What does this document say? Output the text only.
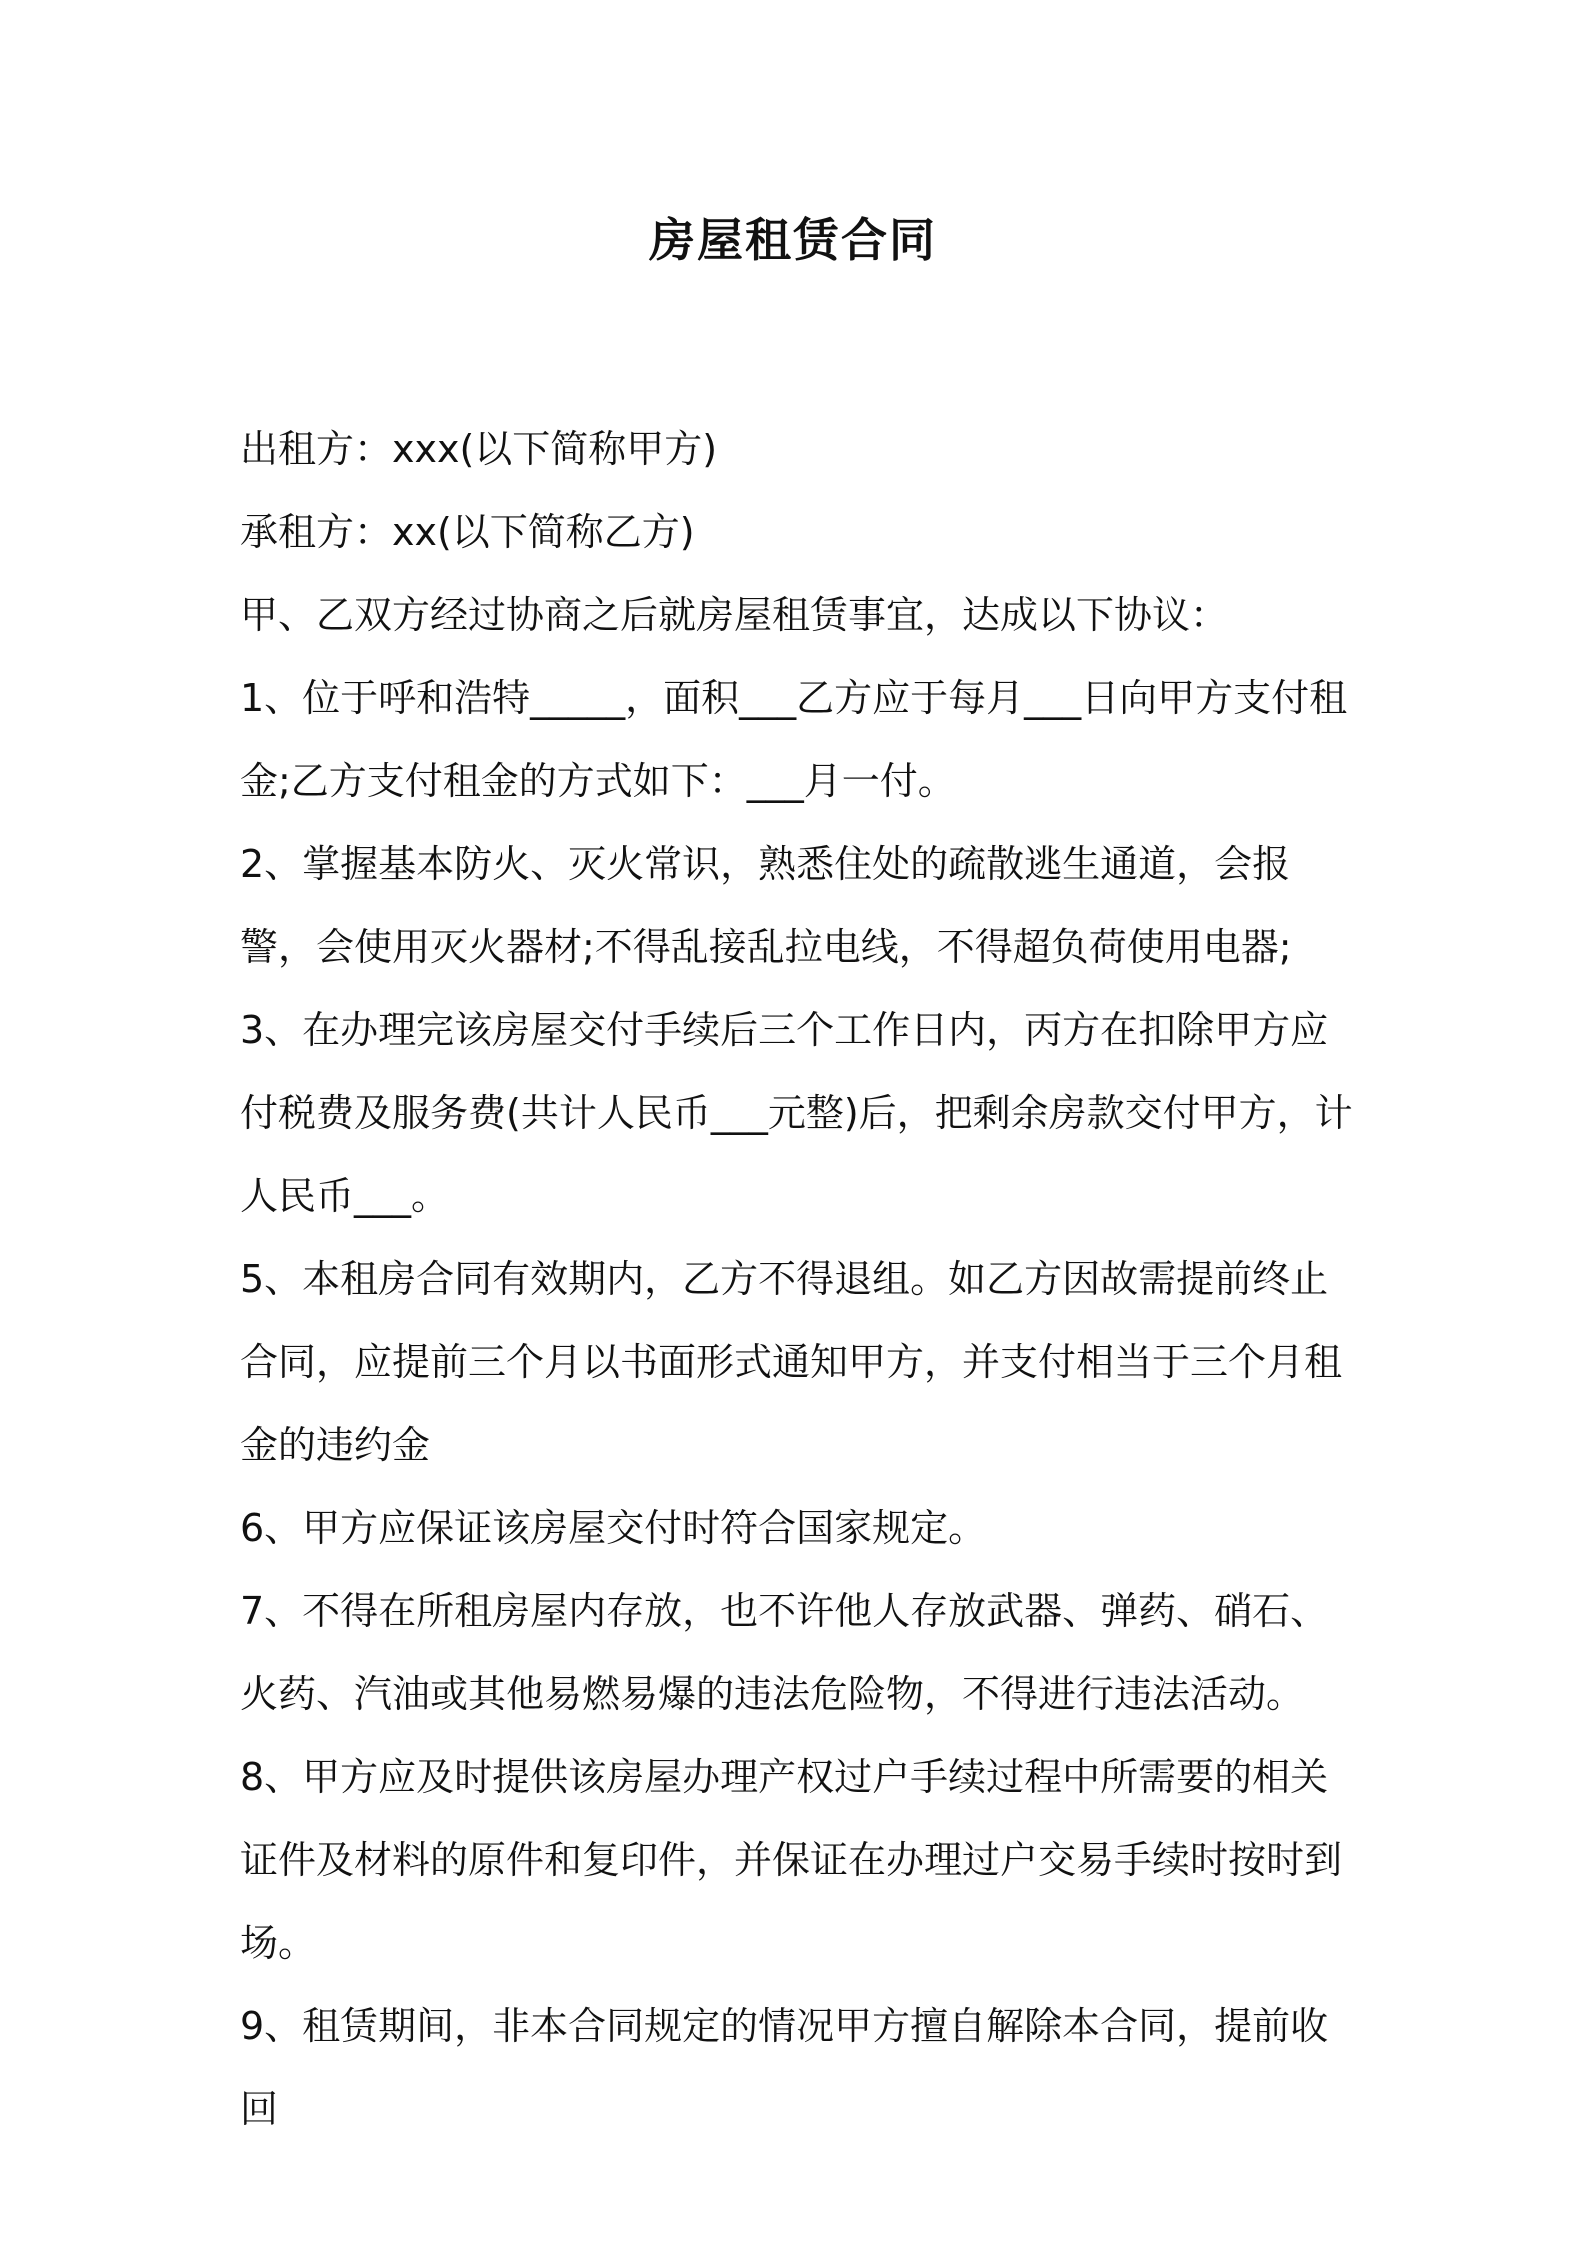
房屋租赁合同

出租方：xxx(以下简称甲方)

承租方：xx(以下简称乙方)

甲、乙双方经过协商之后就房屋租赁事宜，达成以下协议：

1、位于呼和浩特_____，面积___乙方应于每月___日向甲方支付租金;乙方支付租金的方式如下：___月一付。

2、掌握基本防火、灭火常识，熟悉住处的疏散逃生通道，会报警，会使用灭火器材;不得乱接乱拉电线，不得超负荷使用电器;

3、在办理完该房屋交付手续后三个工作日内，丙方在扣除甲方应付税费及服务费(共计人民币___元整)后，把剩余房款交付甲方，计人民币___。

5、本租房合同有效期内，乙方不得退组。如乙方因故需提前终止合同，应提前三个月以书面形式通知甲方，并支付相当于三个月租金的违约金

6、甲方应保证该房屋交付时符合国家规定。

7、不得在所租房屋内存放，也不许他人存放武器、弹药、硝石、火药、汽油或其他易燃易爆的违法危险物，不得进行违法活动。

8、甲方应及时提供该房屋办理产权过户手续过程中所需要的相关证件及材料的原件和复印件，并保证在办理过户交易手续时按时到场。

9、租赁期间，非本合同规定的情况甲方擅自解除本合同，提前收回
